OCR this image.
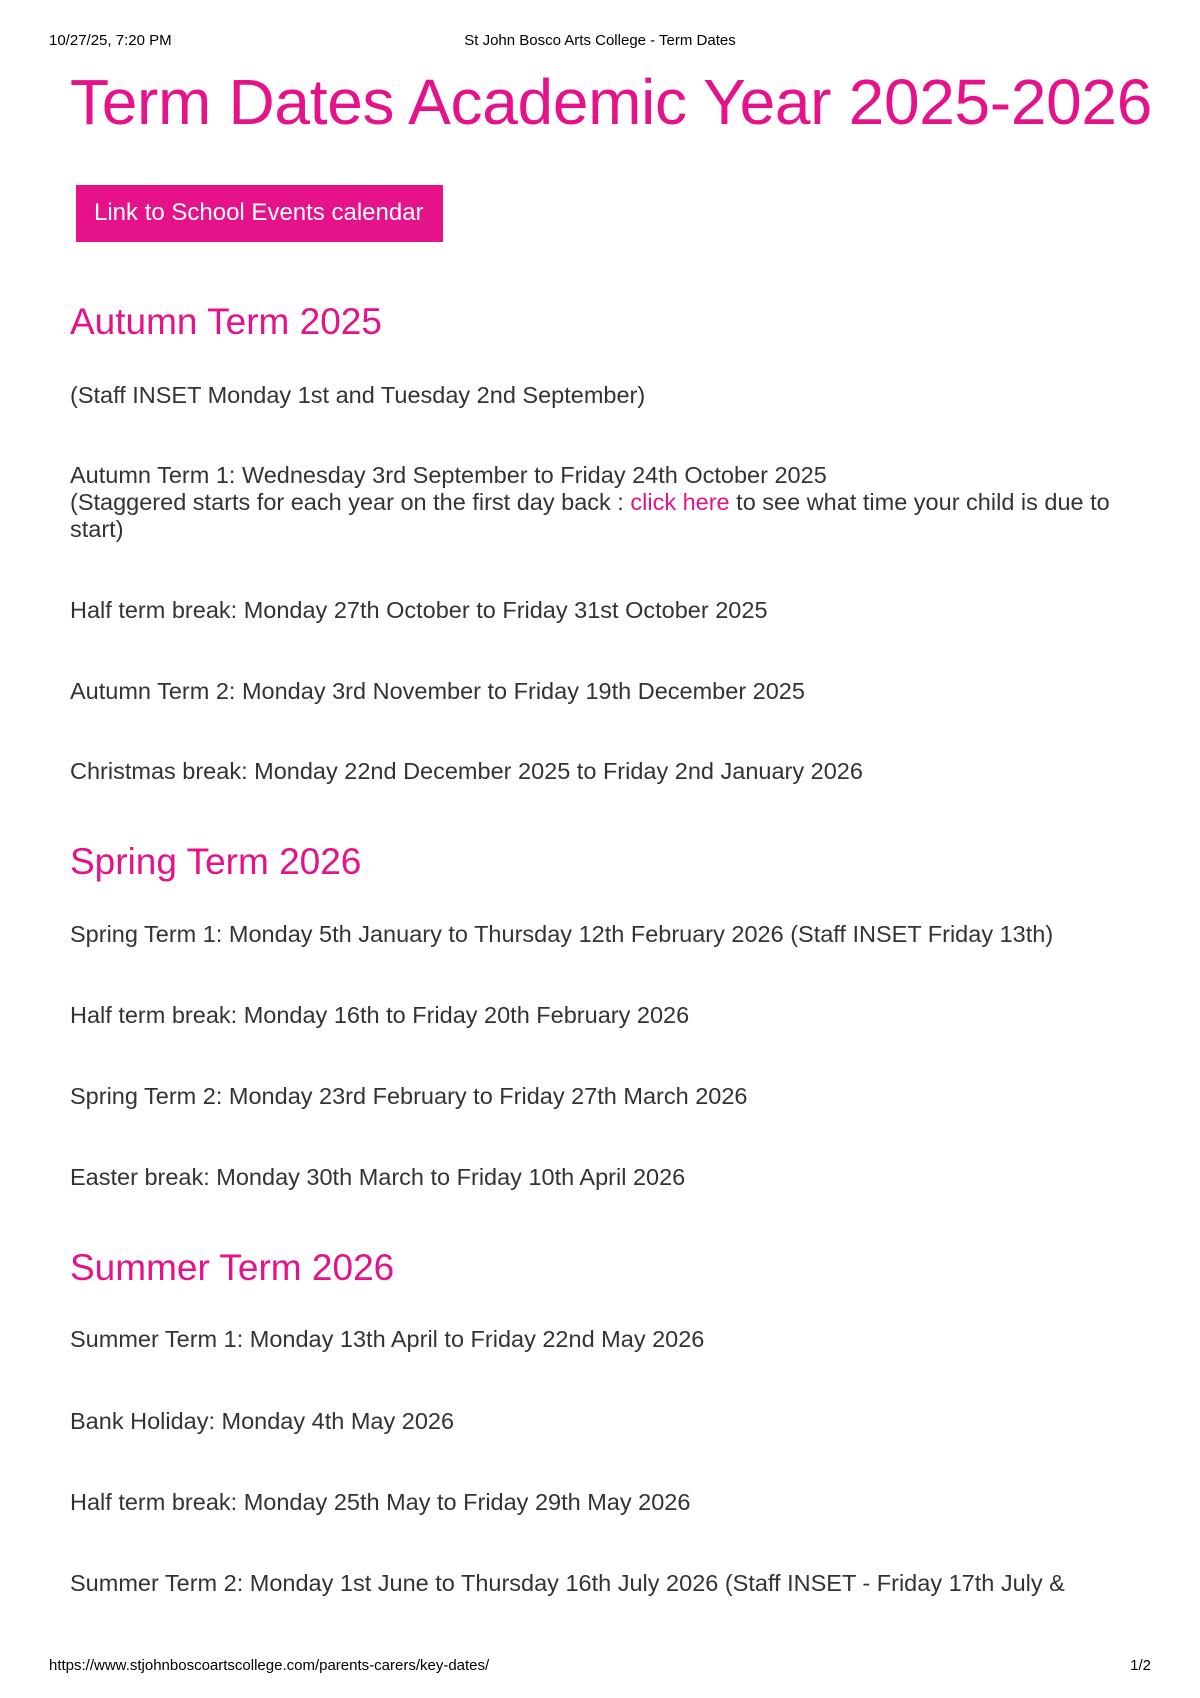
10/27/25, 7:20 PM	St John Bosco Arts College - Term Dates
Term Dates Academic Year 2025-2026
Link to School Events calendar
Autumn Term 2025

(Staff INSET Monday 1st and Tuesday 2nd September)

Autumn Term 1: Wednesday 3rd September to Friday 24th October 2025

(Staggered starts for each year on the first day back : click here to see what time your child is due to start)

Half term break: Monday 27th October to Friday 31st October 2025

Autumn Term 2: Monday 3rd November to Friday 19th December 2025

Christmas break: Monday 22nd December 2025 to Friday 2nd January 2026

Spring Term 2026

Spring Term 1: Monday 5th January to Thursday 12th February 2026 (Staff INSET Friday 13th)

Half term break: Monday 16th to Friday 20th February 2026

Spring Term 2: Monday 23rd February to Friday 27th March 2026

Easter break: Monday 30th March to Friday 10th April 2026

Summer Term 2026

Summer Term 1: Monday 13th April to Friday 22nd May 2026

Bank Holiday: Monday 4th May 2026

Half term break: Monday 25th May to Friday 29th May 2026

Summer Term 2: Monday 1st June to Thursday 16th July 2026 (Staff INSET - Friday 17th July &

https://www.stjohnboscoartscollege.com/parents-carers/key-dates/	1/2
